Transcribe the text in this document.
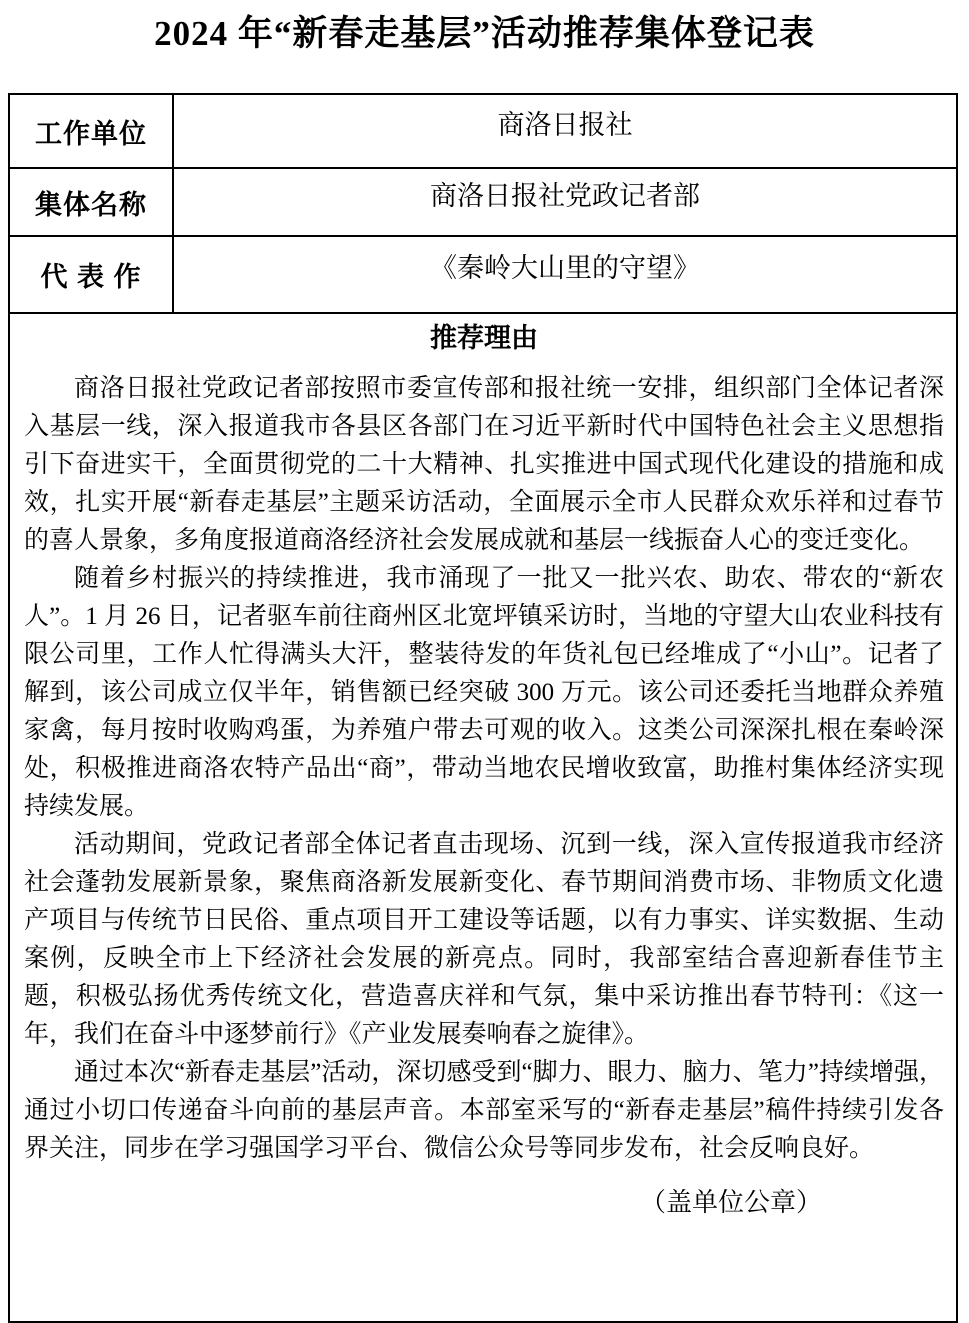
2024 年“新春走基层”活动推荐集体登记表
工作单位	商洛日报社
集体名称	商洛日报社党政记者部
代 表 作	《秦岭大山里的守望》

推荐理由

商洛日报社党政记者部按照市委宣传部和报社统一安排，组织部门全体记者深入基层一线，深入报道我市各县区各部门在习近平新时代中国特色社会主义思想指引下奋进实干，全面贯彻党的二十大精神、扎实推进中国式现代化建设的措施和成效，扎实开展“新春走基层”主题采访活动，全面展示全市人民群众欢乐祥和过春节的喜人景象，多角度报道商洛经济社会发展成就和基层一线振奋人心的变迁变化。

随着乡村振兴的持续推进，我市涌现了一批又一批兴农、助农、带农的“新农人”。1 月 26 日，记者驱车前往商州区北宽坪镇采访时，当地的守望大山农业科技有限公司里，工作人忙得满头大汗，整装待发的年货礼包已经堆成了“小山”。记者了解到，该公司成立仅半年，销售额已经突破 300 万元。该公司还委托当地群众养殖家禽，每月按时收购鸡蛋，为养殖户带去可观的收入。这类公司深深扎根在秦岭深处，积极推进商洛农特产品出“商”，带动当地农民增收致富，助推村集体经济实现持续发展。

活动期间，党政记者部全体记者直击现场、沉到一线，深入宣传报道我市经济社会蓬勃发展新景象，聚焦商洛新发展新变化、春节期间消费市场、非物质文化遗产项目与传统节日民俗、重点项目开工建设等话题，以有力事实、详实数据、生动案例，反映全市上下经济社会发展的新亮点。同时，我部室结合喜迎新春佳节主题，积极弘扬优秀传统文化，营造喜庆祥和气氛，集中采访推出春节特刊：《这一年，我们在奋斗中逐梦前行》《产业发展奏响春之旋律》。

通过本次“新春走基层”活动，深切感受到“脚力、眼力、脑力、笔力”持续增强，通过小切口传递奋斗向前的基层声音。本部室采写的“新春走基层”稿件持续引发各界关注，同步在学习强国学习平台、微信公众号等同步发布，社会反响良好。

（盖单位公章）
